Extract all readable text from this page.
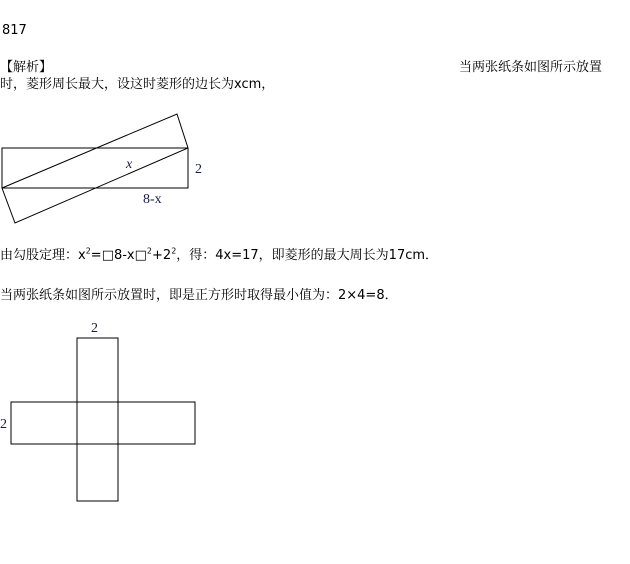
817
【解析】	当两张纸条如图所示放置
时，菱形周长最大，设这时菱形的边长为xcm，
x	2
8-x
由勾股定理：$x^2=□8-x□^2+2^2$，得：4x=17，即菱形的最大周长为17cm．
当两张纸条如图所示放置时，即是正方形时取得最小值为：2×4=8．
2
2
